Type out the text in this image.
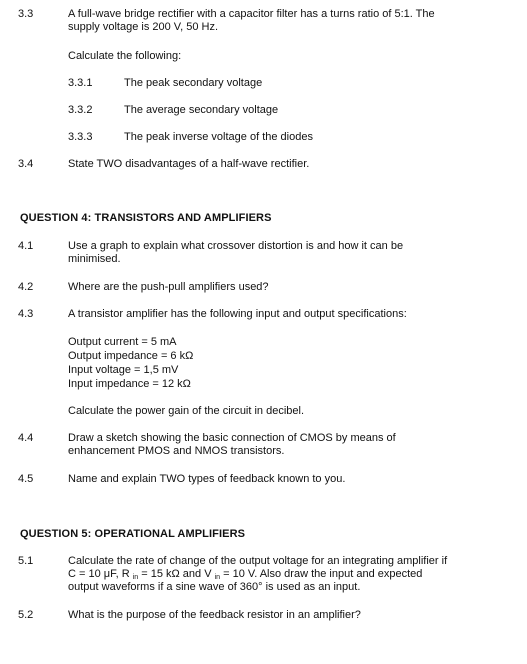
3.3	A full-wave bridge rectifier with a capacitor filter has a turns ratio of 5:1. The
supply voltage is 200 V, 50 Hz.
Calculate the following:
3.3.1	The peak secondary voltage
3.3.2	The average secondary voltage
3.3.3	The peak inverse voltage of the diodes
3.4	State TWO disadvantages of a half-wave rectifier.
QUESTION 4: TRANSISTORS AND AMPLIFIERS
4.1	Use a graph to explain what crossover distortion is and how it can be
minimised.
4.2	Where are the push-pull amplifiers used?
4.3	A transistor amplifier has the following input and output specifications:
Output current = 5 mA
Output impedance = 6 kΩ
Input voltage = 1,5 mV
Input impedance = 12 kΩ
Calculate the power gain of the circuit in decibel.
4.4	Draw a sketch showing the basic connection of CMOS by means of
enhancement PMOS and NMOS transistors.
4.5	Name and explain TWO types of feedback known to you.
QUESTION 5: OPERATIONAL AMPLIFIERS
5.1	Calculate the rate of change of the output voltage for an integrating amplifier if
C = 10 μF, R $_{in}$ = 15 kΩ and V $_{in}$ = 10 V. Also draw the input and expected
output waveforms if a sine wave of 360° is used as an input.
5.2	What is the purpose of the feedback resistor in an amplifier?
